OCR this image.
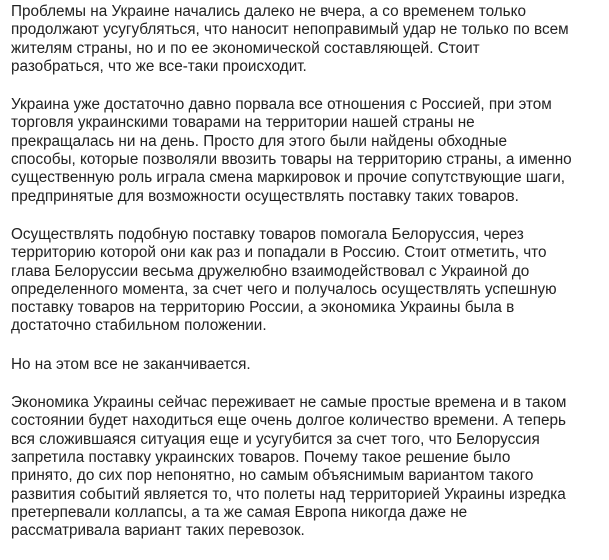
Проблемы на Украине начались далеко не вчера, а со временем только
продолжают усугубляться, что наносит непоправимый удар не только по всем
жителям страны, но и по ее экономической составляющей. Стоит
разобраться, что же все-таки происходит.

Украина уже достаточно давно порвала все отношения с Россией, при этом
торговля украинскими товарами на территории нашей страны не
прекращалась ни на день. Просто для этого были найдены обходные
способы, которые позволяли ввозить товары на территорию страны, а именно
существенную роль играла смена маркировок и прочие сопутствующие шаги,
предпринятые для возможности осуществлять поставку таких товаров.

Осуществлять подобную поставку товаров помогала Белоруссия, через
территорию которой они как раз и попадали в Россию. Стоит отметить, что
глава Белоруссии весьма дружелюбно взаимодействовал с Украиной до
определенного момента, за счет чего и получалось осуществлять успешную
поставку товаров на территорию России, а экономика Украины была в
достаточно стабильном положении.

Но на этом все не заканчивается.

Экономика Украины сейчас переживает не самые простые времена и в таком
состоянии будет находиться еще очень долгое количество времени. А теперь
вся сложившаяся ситуация еще и усугубится за счет того, что Белоруссия
запретила поставку украинских товаров. Почему такое решение было
принято, до сих пор непонятно, но самым объяснимым вариантом такого
развития событий является то, что полеты над территорией Украины изредка
претерпевали коллапсы, а та же самая Европа никогда даже не
рассматривала вариант таких перевозок.
